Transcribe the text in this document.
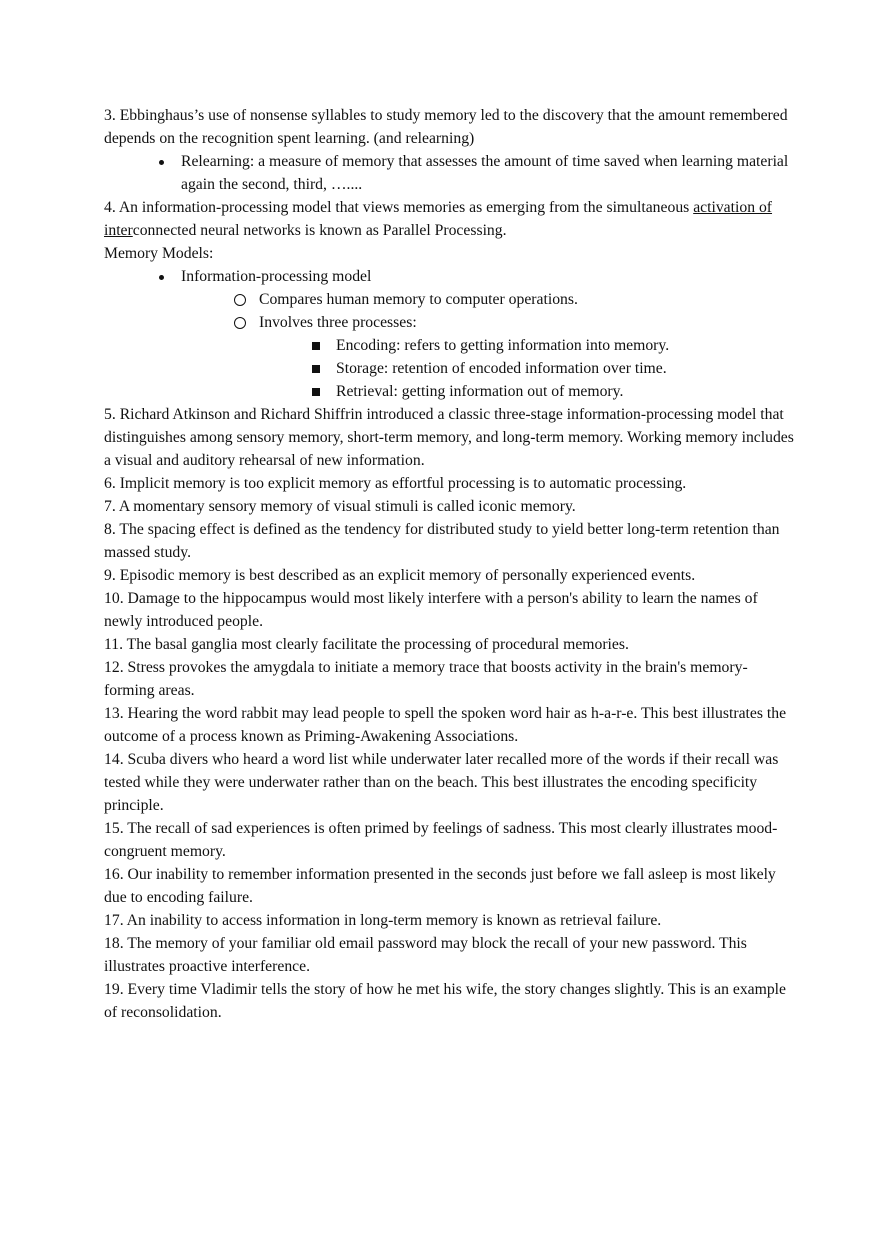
3. Ebbinghaus’s use of nonsense syllables to study memory led to the discovery that the amount remembered depends on the recognition spent learning. (and relearning)

Relearning: a measure of memory that assesses the amount of time saved when learning material again the second, third, …....

4. An information-processing model that views memories as emerging from the simultaneous activation of interconnected neural networks is known as Parallel Processing.

Memory Models:

Information-processing model
Compares human memory to computer operations.
Involves three processes:
Encoding: refers to getting information into memory.
Storage: retention of encoded information over time.
Retrieval: getting information out of memory.

5. Richard Atkinson and Richard Shiffrin introduced a classic three-stage information-processing model that distinguishes among sensory memory, short-term memory, and long-term memory. Working memory includes a visual and auditory rehearsal of new information.

6. Implicit memory is too explicit memory as effortful processing is to automatic processing.

7. A momentary sensory memory of visual stimuli is called iconic memory.

8. The spacing effect is defined as the tendency for distributed study to yield better long-term retention than massed study.

9. Episodic memory is best described as an explicit memory of personally experienced events.

10. Damage to the hippocampus would most likely interfere with a person's ability to learn the names of newly introduced people.

11. The basal ganglia most clearly facilitate the processing of procedural memories.

12. Stress provokes the amygdala to initiate a memory trace that boosts activity in the brain's memory-forming areas.

13. Hearing the word rabbit may lead people to spell the spoken word hair as h-a-r-e. This best illustrates the outcome of a process known as Priming-Awakening Associations.

14. Scuba divers who heard a word list while underwater later recalled more of the words if their recall was tested while they were underwater rather than on the beach. This best illustrates the encoding specificity principle.

15. The recall of sad experiences is often primed by feelings of sadness. This most clearly illustrates mood-congruent memory.

16. Our inability to remember information presented in the seconds just before we fall asleep is most likely due to encoding failure.

17. An inability to access information in long-term memory is known as retrieval failure.

18. The memory of your familiar old email password may block the recall of your new password. This illustrates proactive interference.

19. Every time Vladimir tells the story of how he met his wife, the story changes slightly. This is an example of reconsolidation.
